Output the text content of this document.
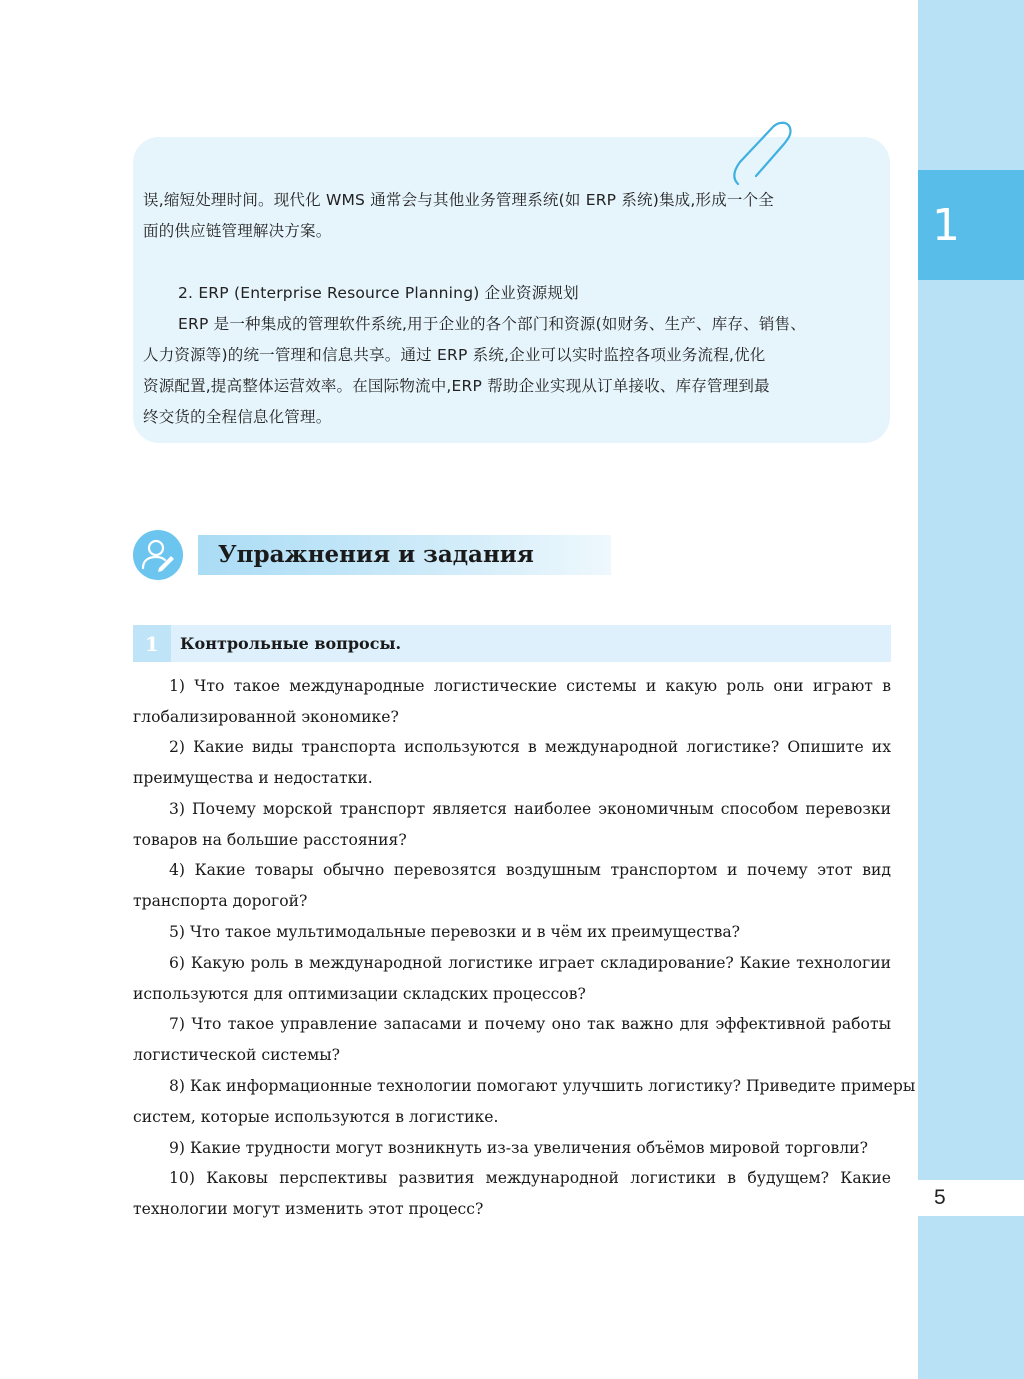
1
5
误,缩短处理时间。现代化 WMS 通常会与其他业务管理系统(如 ERP 系统)集成,形成一个全
面的供应链管理解决方案。
2. ERP (Enterprise Resource Planning) 企业资源规划
ERP 是一种集成的管理软件系统,用于企业的各个部门和资源(如财务、生产、库存、销售、
人力资源等)的统一管理和信息共享。通过 ERP 系统,企业可以实时监控各项业务流程,优化
资源配置,提高整体运营效率。在国际物流中,ERP 帮助企业实现从订单接收、库存管理到最
终交货的全程信息化管理。
Упражнения и задания
1	Контрольные вопросы.
1) Что такое международные логистические системы и какую роль они играют в
глобализированной экономике?
2) Какие виды транспорта используются в международной логистике? Опишите их
преимущества и недостатки.
3) Почему морской транспорт является наиболее экономичным способом перевозки
товаров на большие расстояния?
4) Какие товары обычно перевозятся воздушным транспортом и почему этот вид
транспорта дорогой?
5) Что такое мультимодальные перевозки и в чём их преимущества?
6) Какую роль в международной логистике играет складирование? Какие технологии
используются для оптимизации складских процессов?
7) Что такое управление запасами и почему оно так важно для эффективной работы
логистической системы?
8) Как информационные технологии помогают улучшить логистику? Приведите примеры
систем, которые используются в логистике.
9) Какие трудности могут возникнуть из-за увеличения объёмов мировой торговли?
10) Каковы перспективы развития международной логистики в будущем? Какие
технологии могут изменить этот процесс?
